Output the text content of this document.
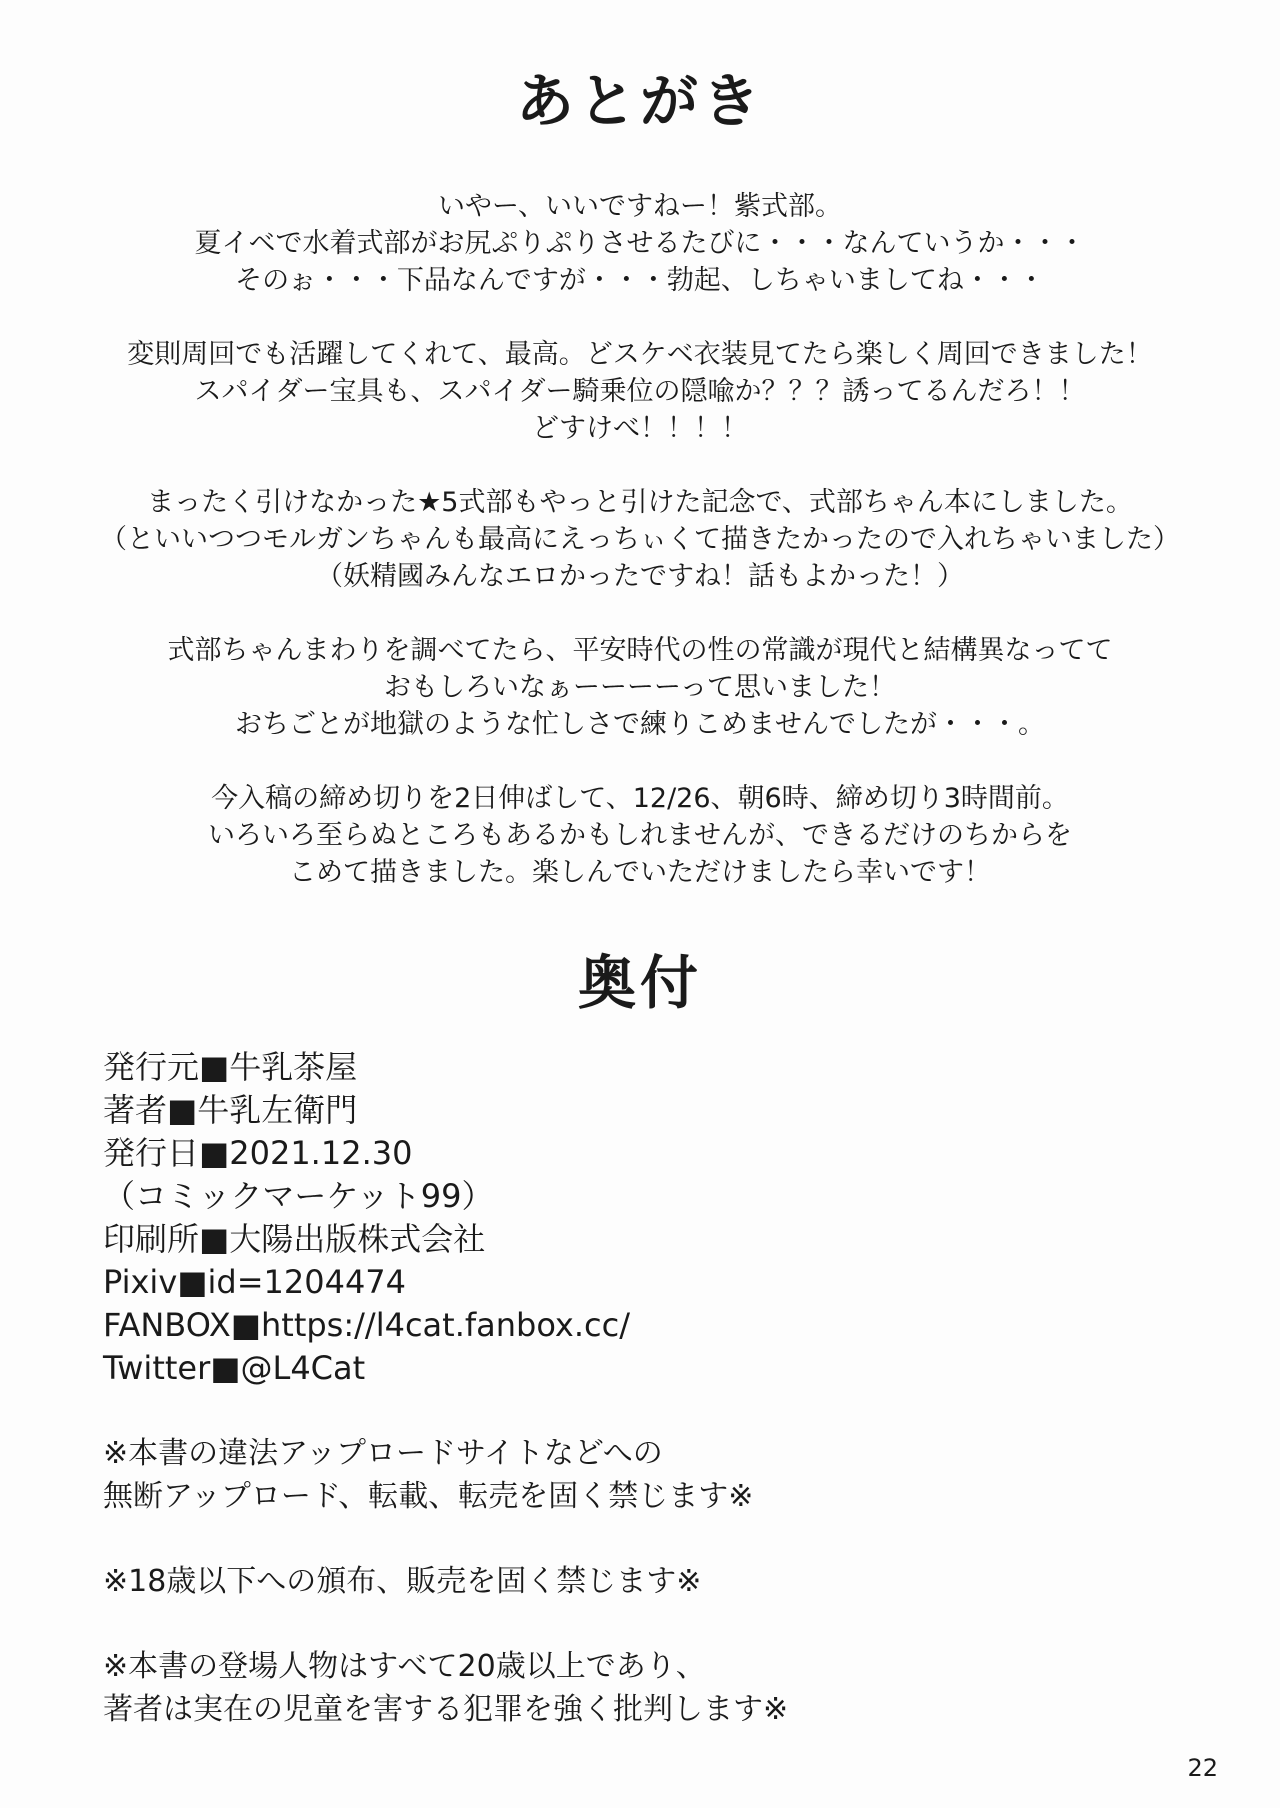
あとがき
いやー、いいですねー！紫式部。
夏イベで水着式部がお尻ぷりぷりさせるたびに・・・なんていうか・・・
そのぉ・・・下品なんですが・・・勃起、しちゃいましてね・・・
変則周回でも活躍してくれて、最高。どスケベ衣装見てたら楽しく周回できました！
スパイダー宝具も、スパイダー騎乗位の隠喩か？？？誘ってるんだろ！！
どすけべ！！！！
まったく引けなかった★5式部もやっと引けた記念で、式部ちゃん本にしました。
（といいつつモルガンちゃんも最高にえっちぃくて描きたかったので入れちゃいました）
（妖精國みんなエロかったですね！話もよかった！）
式部ちゃんまわりを調べてたら、平安時代の性の常識が現代と結構異なってて
おもしろいなぁーーーーって思いました！
おちごとが地獄のような忙しさで練りこめませんでしたが・・・。
今入稿の締め切りを2日伸ばして、12/26、朝6時、締め切り3時間前。
いろいろ至らぬところもあるかもしれませんが、できるだけのちからを
こめて描きました。楽しんでいただけましたら幸いです！
奥付
発行元■牛乳茶屋
著者■牛乳左衛門
発行日■2021.12.30
（コミックマーケット99）
印刷所■大陽出版株式会社
Pixiv■id=1204474
FANBOX■https://l4cat.fanbox.cc/
Twitter■@L4Cat
※本書の違法アップロードサイトなどへの
無断アップロード、転載、転売を固く禁じます※
※18歳以下への頒布、販売を固く禁じます※
※本書の登場人物はすべて20歳以上であり、
著者は実在の児童を害する犯罪を強く批判します※
22
